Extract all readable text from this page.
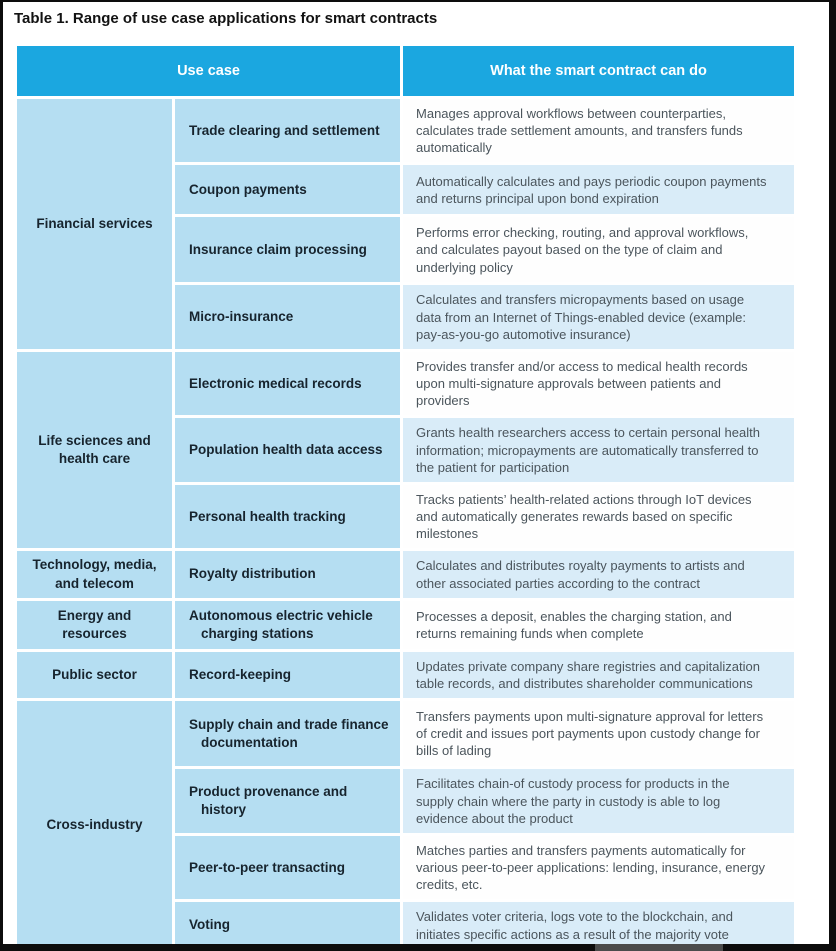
Table 1. Range of use case applications for smart contracts
Use case		What the smart contract can do
Financial services	Trade clearing and settlement	Manages approval workflows between counterparties, calculates trade settlement amounts, and transfers funds automatically
	Coupon payments	Automatically calculates and pays periodic coupon payments and returns principal upon bond expiration
	Insurance claim processing	Performs error checking, routing, and approval workflows, and calculates payout based on the type of claim and underlying policy
	Micro-insurance	Calculates and transfers micropayments based on usage data from an Internet of Things-enabled device (example: pay-as-you-go automotive insurance)
Life sciences and health care	Electronic medical records	Provides transfer and/or access to medical health records upon multi-signature approvals between patients and providers
	Population health data access	Grants health researchers access to certain personal health information; micropayments are automatically transferred to the patient for participation
	Personal health tracking	Tracks patients’ health-related actions through IoT devices and automatically generates rewards based on specific milestones
Technology, media, and telecom	Royalty distribution	Calculates and distributes royalty payments to artists and other associated parties according to the contract
Energy and resources	Autonomous electric vehicle charging stations	Processes a deposit, enables the charging station, and returns remaining funds when complete
Public sector	Record-keeping	Updates private company share registries and capitalization table records, and distributes shareholder communications
Cross-industry	Supply chain and trade finance documentation	Transfers payments upon multi-signature approval for letters of credit and issues port payments upon custody change for bills of lading
	Product provenance and history	Facilitates chain-of custody process for products in the supply chain where the party in custody is able to log evidence about the product
	Peer-to-peer transacting	Matches parties and transfers payments automatically for various peer-to-peer applications: lending, insurance, energy credits, etc.
	Voting	Validates voter criteria, logs vote to the blockchain, and initiates specific actions as a result of the majority vote
